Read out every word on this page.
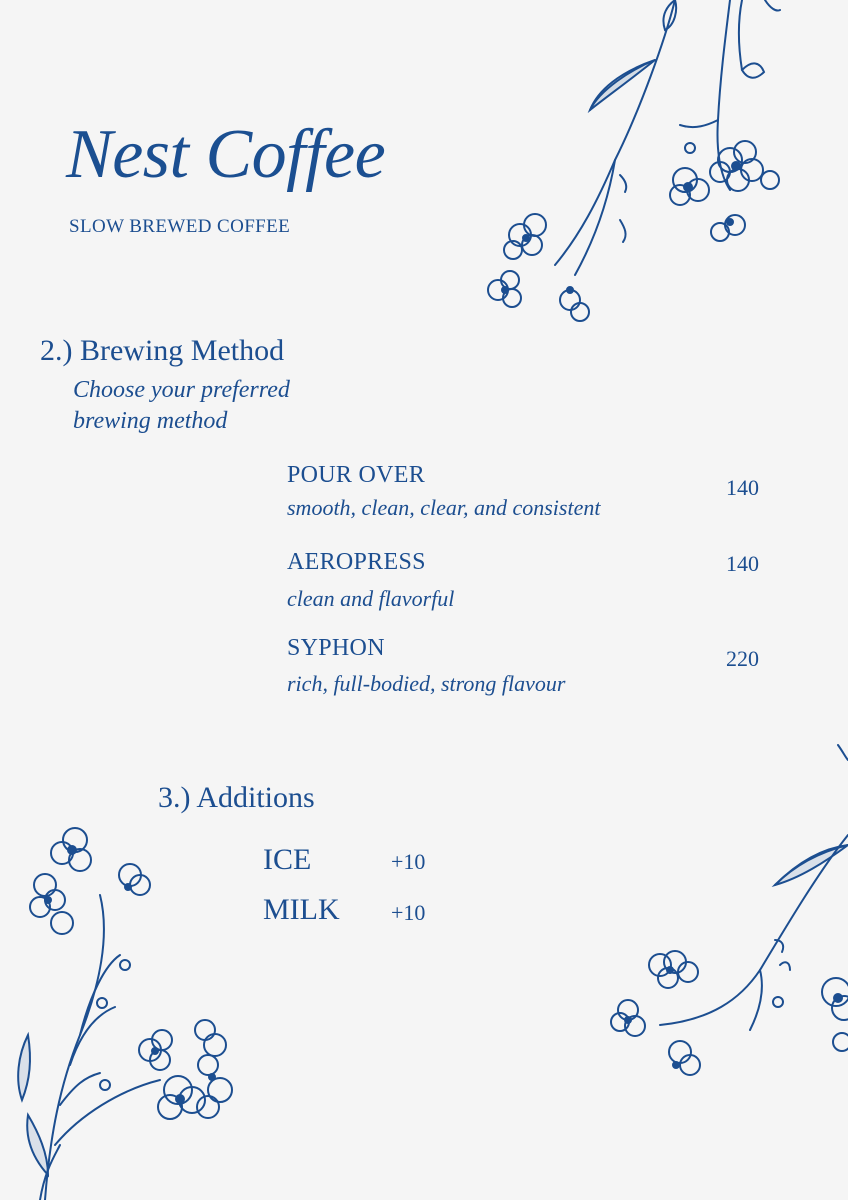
Nest Coffee
SLOW BREWED COFFEE
2.) Brewing Method
Choose your preferred
brewing method
POUR OVER
smooth, clean, clear, and consistent
140
AEROPRESS
clean and flavorful
140
SYPHON
rich, full-bodied, strong flavour
220
3.) Additions
ICE	+10
MILK +10
